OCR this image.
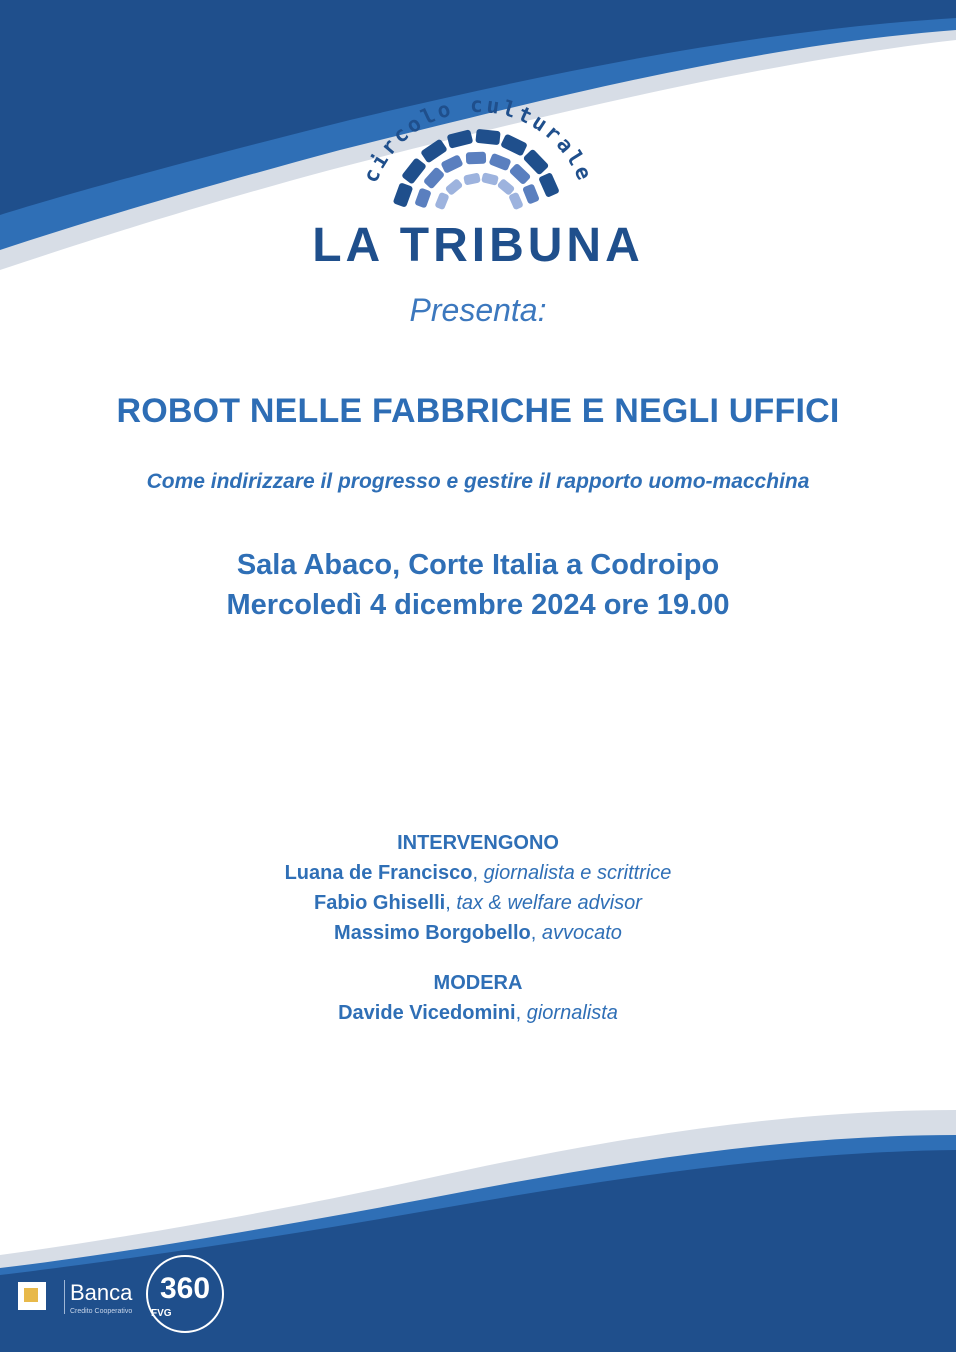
circolo culturale
LA TRIBUNA
Presenta:
ROBOT NELLE FABBRICHE E NEGLI UFFICI
Come indirizzare il progresso e gestire il rapporto uomo-macchina
Sala Abaco, Corte Italia a Codroipo
Mercoledì 4 dicembre 2024 ore 19.00
INTERVENGONO
Luana de Francisco, giornalista e scrittrice
Fabio Ghiselli, tax & welfare advisor
Massimo Borgobello, avvocato
MODERA
Davide Vicedomini, giornalista
Banca
Credito Cooperativo
360
FVG
